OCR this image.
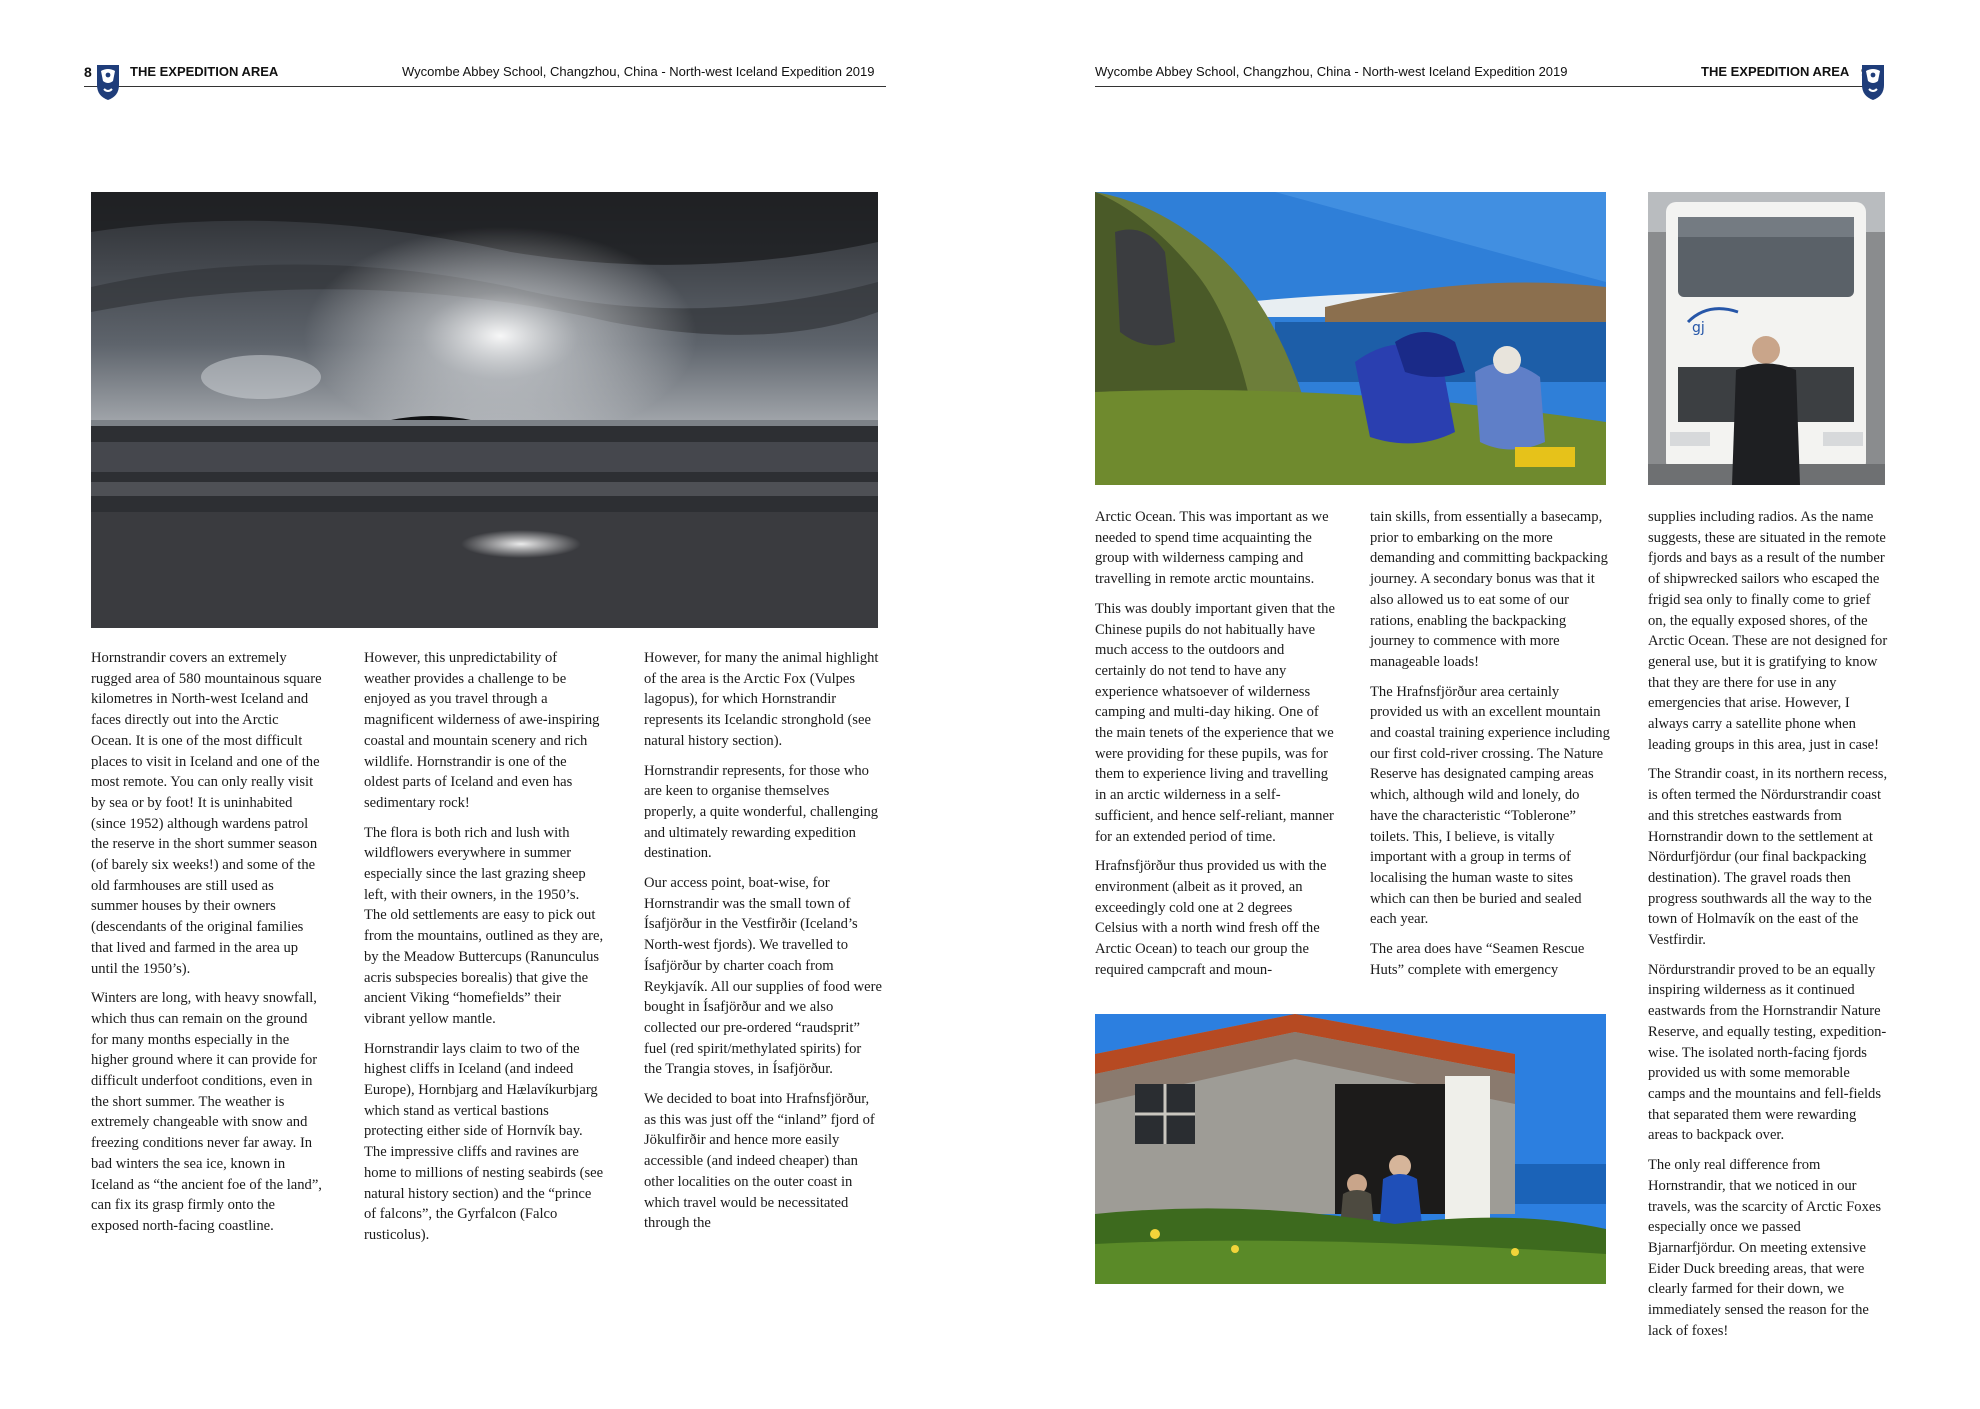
8	THE EXPEDITION AREA	Wycombe Abbey School, Changzhou, China - North-west Iceland Expedition 2019

Hornstrandir covers an extremely rugged area of 580 mountainous square kilometres in North-west Iceland and faces directly out into the Arctic Ocean. It is one of the most difficult places to visit in Iceland and one of the most remote. You can only really visit by sea or by foot! It is uninhabited (since 1952) although wardens patrol the reserve in the short summer season (of barely six weeks!) and some of the old farmhouses are still used as summer houses by their owners (descendants of the original families that lived and farmed in the area up until the 1950’s).

Winters are long, with heavy snowfall, which thus can remain on the ground for many months especially in the higher ground where it can provide for difficult underfoot conditions, even in the short summer. The weather is extremely changeable with snow and freezing conditions never far away. In bad winters the sea ice, known in Iceland as “the ancient foe of the land”, can fix its grasp firmly onto the exposed north-facing coastline.

However, this unpredictability of weather provides a challenge to be enjoyed as you travel through a magnificent wilderness of awe-inspiring coastal and mountain scenery and rich wildlife. Hornstrandir is one of the oldest parts of Iceland and even has sedimentary rock!

The flora is both rich and lush with wildflowers everywhere in summer especially since the last grazing sheep left, with their owners, in the 1950’s. The old settlements are easy to pick out from the mountains, outlined as they are, by the Meadow Buttercups (Ranunculus acris subspecies borealis) that give the ancient Viking “homefields” their vibrant yellow mantle.

Hornstrandir lays claim to two of the highest cliffs in Iceland (and indeed Europe), Hornbjarg and Hælavíkurbjarg which stand as vertical bastions protecting either side of Hornvík bay. The impressive cliffs and ravines are home to millions of nesting seabirds (see natural history section) and the “prince of falcons”, the Gyrfalcon (Falco rusticolus).

However, for many the animal highlight of the area is the Arctic Fox (Vulpes lagopus), for which Hornstrandir represents its Icelandic stronghold (see natural history section).

Hornstrandir represents, for those who are keen to organise themselves properly, a quite wonderful, challenging and ultimately rewarding expedition destination.

Our access point, boat-wise, for Hornstrandir was the small town of Ísafjörður in the Vestfirðir (Iceland’s North-west fjords). We travelled to Ísafjörður by charter coach from Reykjavík. All our supplies of food were bought in Ísafjörður and we also collected our pre-ordered “raudsprit” fuel (red spirit/methylated spirits) for the Trangia stoves, in Ísafjörður.

We decided to boat into Hrafnsfjörður, as this was just off the “inland” fjord of Jökulfirðir and hence more easily accessible (and indeed cheaper) than other localities on the outer coast in which travel would be necessitated through the

Wycombe Abbey School, Changzhou, China - North-west Iceland Expedition 2019	THE EXPEDITION AREA
gj

Arctic Ocean. This was important as we needed to spend time acquainting the group with wilderness camping and travelling in remote arctic mountains.

This was doubly important given that the Chinese pupils do not habitually have much access to the outdoors and certainly do not tend to have any experience whatsoever of wilderness camping and multi-day hiking. One of the main tenets of the experience that we were providing for these pupils, was for them to experience living and travelling in an arctic wilderness in a self-sufficient, and hence self-reliant, manner for an extended period of time.

Hrafnsfjörður thus provided us with the environment (albeit as it proved, an exceedingly cold one at 2 degrees Celsius with a north wind fresh off the Arctic Ocean) to teach our group the required campcraft and moun-

tain skills, from essentially a basecamp, prior to embarking on the more demanding and committing backpacking journey. A secondary bonus was that it also allowed us to eat some of our rations, enabling the backpacking journey to commence with more manageable loads!

The Hrafnsfjörður area certainly provided us with an excellent mountain and coastal training experience including our first cold-river crossing. The Nature Reserve has designated camping areas which, although wild and lonely, do have the characteristic “Toblerone” toilets. This, I believe, is vitally important with a group in terms of localising the human waste to sites which can then be buried and sealed each year.

The area does have “Seamen Rescue Huts” complete with emergency

supplies including radios. As the name suggests, these are situated in the remote fjords and bays as a result of the number of shipwrecked sailors who escaped the frigid sea only to finally come to grief on, the equally exposed shores, of the Arctic Ocean. These are not designed for general use, but it is gratifying to know that they are there for use in any emergencies that arise. However, I always carry a satellite phone when leading groups in this area, just in case!

The Strandir coast, in its northern recess, is often termed the Nördurstrandir coast and this stretches eastwards from Hornstrandir down to the settlement at Nördurfjördur (our final backpacking destination). The gravel roads then progress southwards all the way to the town of Holmavík on the east of the Vestfirdir.

Nördurstrandir proved to be an equally inspiring wilderness as it continued eastwards from the Hornstrandir Nature Reserve, and equally testing, expedition-wise. The isolated north-facing fjords provided us with some memorable camps and the mountains and fell-fields that separated them were rewarding areas to backpack over.

The only real difference from Hornstrandir, that we noticed in our travels, was the scarcity of Arctic Foxes especially once we passed Bjarnarfjördur. On meeting extensive Eider Duck breeding areas, that were clearly farmed for their down, we immediately sensed the reason for the lack of foxes!
